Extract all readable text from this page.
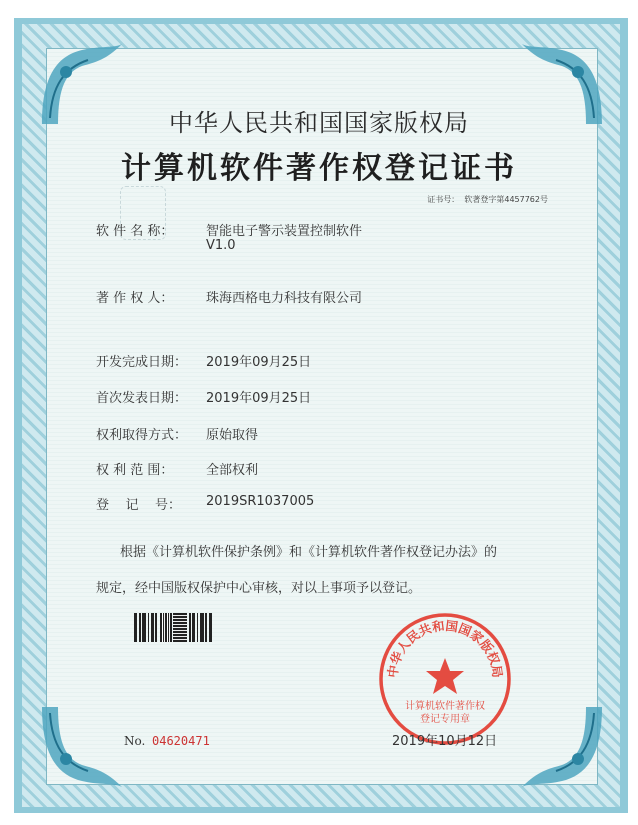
中华人民共和国国家版权局
计算机软件著作权登记证书
证书号： 软著登字第4457762号
软 件 名 称：	智能电子警示装置控制软件
V1.0
著 作 权 人：	珠海西格电力科技有限公司
开发完成日期：	2019年09月25日
首次发表日期：	2019年09月25日
权利取得方式：	原始取得
权 利 范 围：	全部权利
登    记    号：	2019SR1037005
根据《计算机软件保护条例》和《计算机软件著作权登记办法》的
规定，经中国版权保护中心审核，对以上事项予以登记。
No. 04620471
中华人民共和国国家版权局
计算机软件著作权
登记专用章
2019年10月12日
